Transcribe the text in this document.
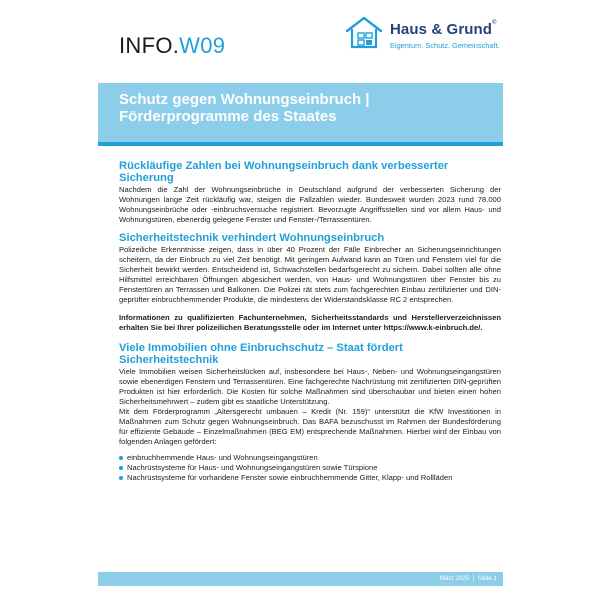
INFO.W09
Haus & Grund®
Eigentum. Schutz. Gemeinschaft.
Schutz gegen Wohnungseinbruch |
Förderprogramme des Staates
Rückläufige Zahlen bei Wohnungseinbruch dank verbesserter Sicherung

Nachdem die Zahl der Wohnungseinbrüche in Deutschland aufgrund der verbesserten Sicherung der Wohnungen lange Zeit rückläufig war, steigen die Fallzahlen wieder. Bundesweit wurden 2023 rund 78.000 Wohnungseinbrüche oder -einbruchsversuche registriert. Bevorzugte Angriffsstellen sind vor allem Haus- und Wohnungstüren, ebenerdig gelegene Fenster und Fenster-/Terrassentüren.

Sicherheitstechnik verhindert Wohnungseinbruch

Polizeiliche Erkenntnisse zeigen, dass in über 40 Prozent der Fälle Einbrecher an Sicherungseinrichtungen scheitern, da der Einbruch zu viel Zeit benötigt. Mit geringem Aufwand kann an Türen und Fenstern viel für die Sicherheit bewirkt werden. Entscheidend ist, Schwachstellen bedarfsgerecht zu sichern. Dabei sollten alle ohne Hilfsmittel erreichbaren Öffnungen abgesichert werden, von Haus- und Wohnungstüren über Fenster bis zu Fenstertüren an Terrassen und Balkonen. Die Polizei rät stets zum fachgerechten Einbau zertifizierter und DIN-geprüfter einbruchhemmender Produkte, die mindestens der Widerstandsklasse RC 2 entsprechen.

Informationen zu qualifizierten Fachunternehmen, Sicherheitsstandards und Herstellerverzeichnissen erhalten Sie bei Ihrer polizeilichen Beratungsstelle oder im Internet unter https://www.k-einbruch.de/.

Viele Immobilien ohne Einbruchschutz – Staat fördert Sicherheitstechnik

Viele Immobilien weisen Sicherheitslücken auf, insbesondere bei Haus-, Neben- und Wohnungseingangstüren sowie ebenerdigen Fenstern und Terrassentüren. Eine fachgerechte Nachrüstung mit zertifizierten DIN-geprüften Produkten ist hier erforderlich. Die Kosten für solche Maßnahmen sind überschaubar und bieten einen hohen Sicherheitsmehrwert – zudem gibt es staatliche Unterstützung.

Mit dem Förderprogramm „Altersgerecht umbauen – Kredit (Nr. 159)“ unterstützt die KfW Investitionen in Maßnahmen zum Schutz gegen Wohnungseinbruch. Das BAFA bezuschusst im Rahmen der Bundesförderung für effiziente Gebäude – Einzelmaßnahmen (BEG EM) entsprechende Maßnahmen. Hierbei wird der Einbau von folgenden Anlagen gefördert:

einbruchhemmende Haus- und Wohnungseingangstüren
Nachrüstsysteme für Haus- und Wohnungseingangstüren sowie Türspione
Nachrüstsysteme für vorhandene Fenster sowie einbruchhemmende Gitter, Klapp- und Rollläden
März 2025 | Seite 1
